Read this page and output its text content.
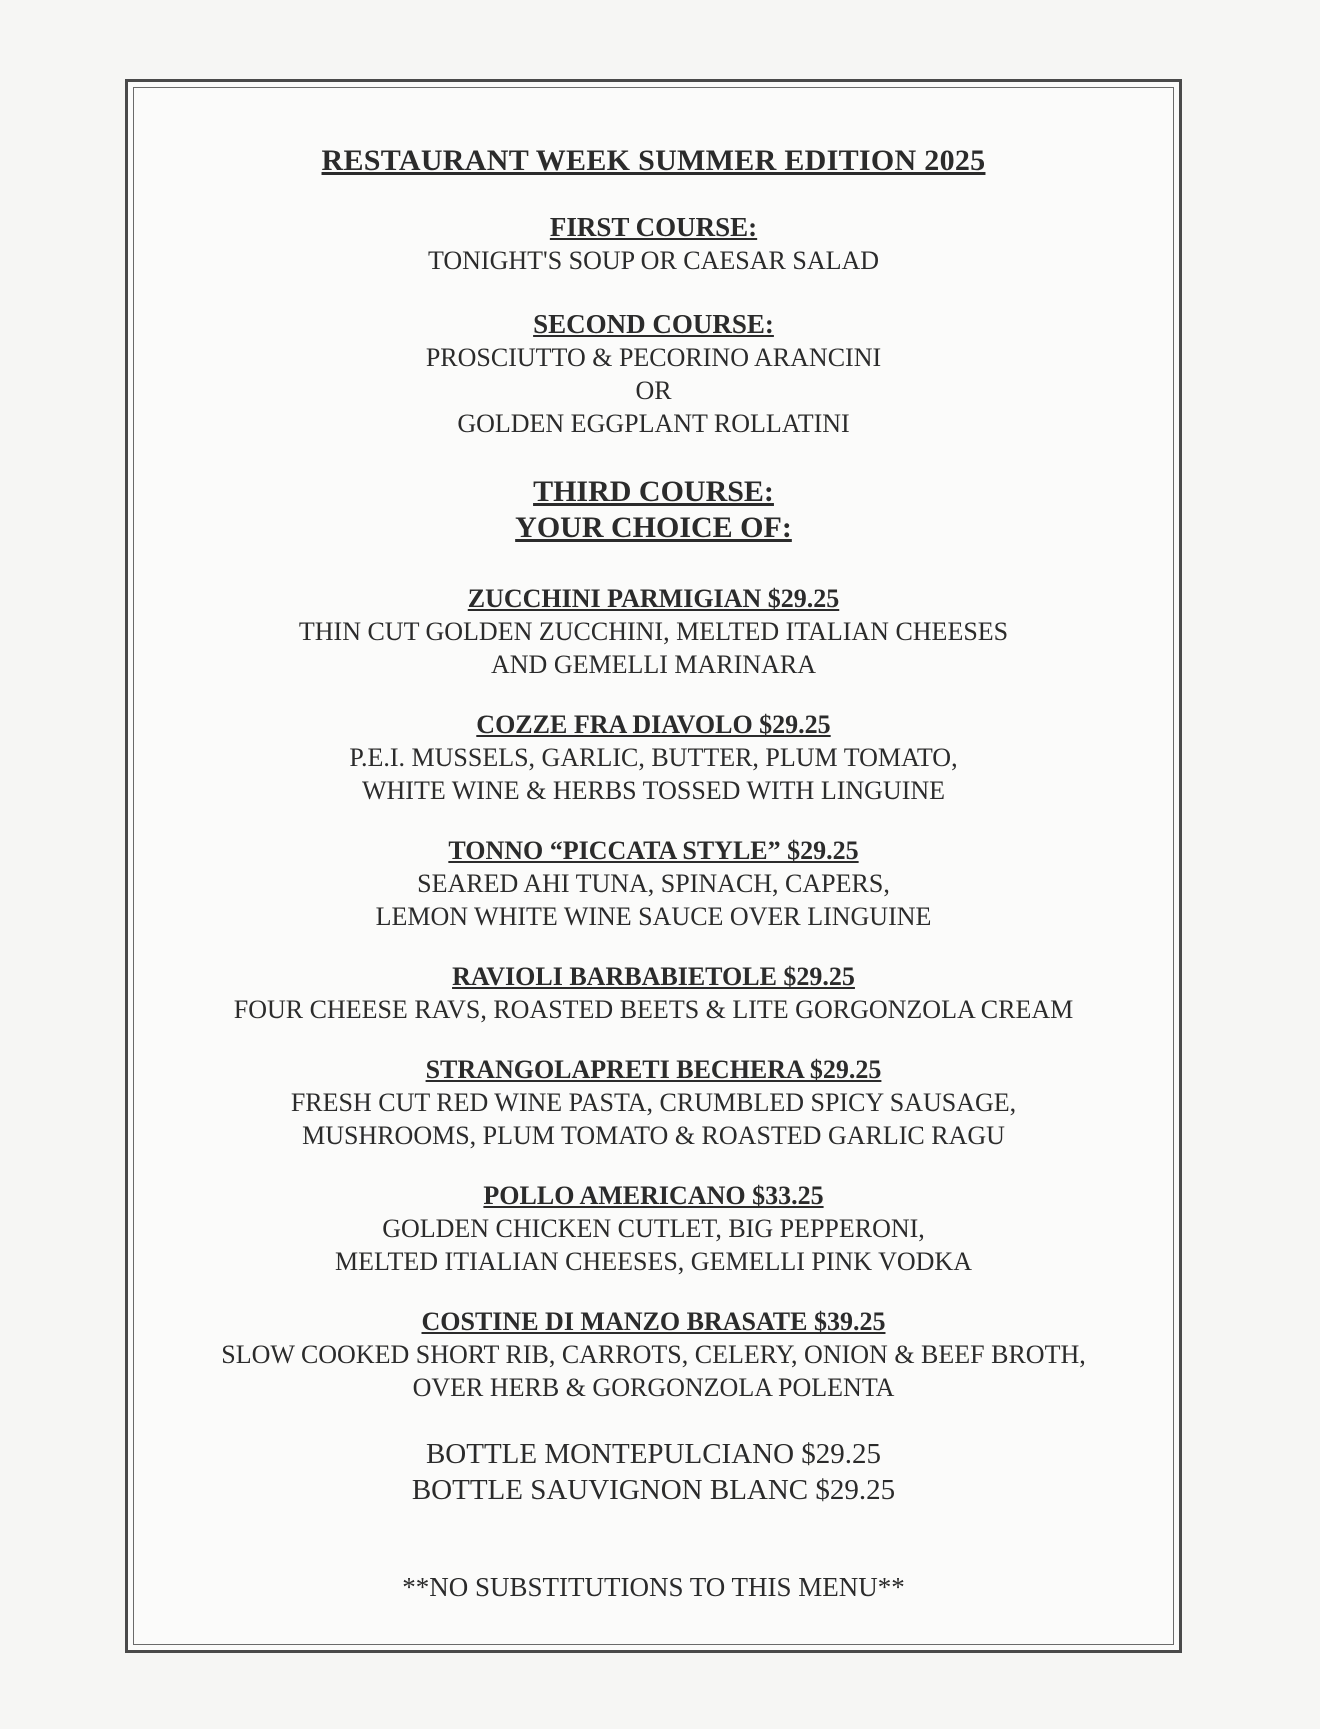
RESTAURANT WEEK SUMMER EDITION 2025
FIRST COURSE:
TONIGHT'S SOUP OR CAESAR SALAD
SECOND COURSE:
PROSCIUTTO & PECORINO ARANCINI
OR
GOLDEN EGGPLANT ROLLATINI
THIRD COURSE:
YOUR CHOICE OF:
ZUCCHINI PARMIGIAN $29.25
THIN CUT GOLDEN ZUCCHINI, MELTED ITALIAN CHEESES
AND GEMELLI MARINARA
COZZE FRA DIAVOLO $29.25
P.E.I. MUSSELS, GARLIC, BUTTER, PLUM TOMATO,
WHITE WINE & HERBS TOSSED WITH LINGUINE
TONNO “PICCATA STYLE” $29.25
SEARED AHI TUNA, SPINACH, CAPERS,
LEMON WHITE WINE SAUCE OVER LINGUINE
RAVIOLI BARBABIETOLE $29.25
FOUR CHEESE RAVS, ROASTED BEETS & LITE GORGONZOLA CREAM
STRANGOLAPRETI BECHERA $29.25
FRESH CUT RED WINE PASTA, CRUMBLED SPICY SAUSAGE,
MUSHROOMS, PLUM TOMATO & ROASTED GARLIC RAGU
POLLO AMERICANO $33.25
GOLDEN CHICKEN CUTLET, BIG PEPPERONI,
MELTED ITIALIAN CHEESES, GEMELLI PINK VODKA
COSTINE DI MANZO BRASATE $39.25
SLOW COOKED SHORT RIB, CARROTS, CELERY, ONION & BEEF BROTH,
OVER HERB & GORGONZOLA POLENTA
BOTTLE MONTEPULCIANO $29.25
BOTTLE SAUVIGNON BLANC $29.25
**NO SUBSTITUTIONS TO THIS MENU**
